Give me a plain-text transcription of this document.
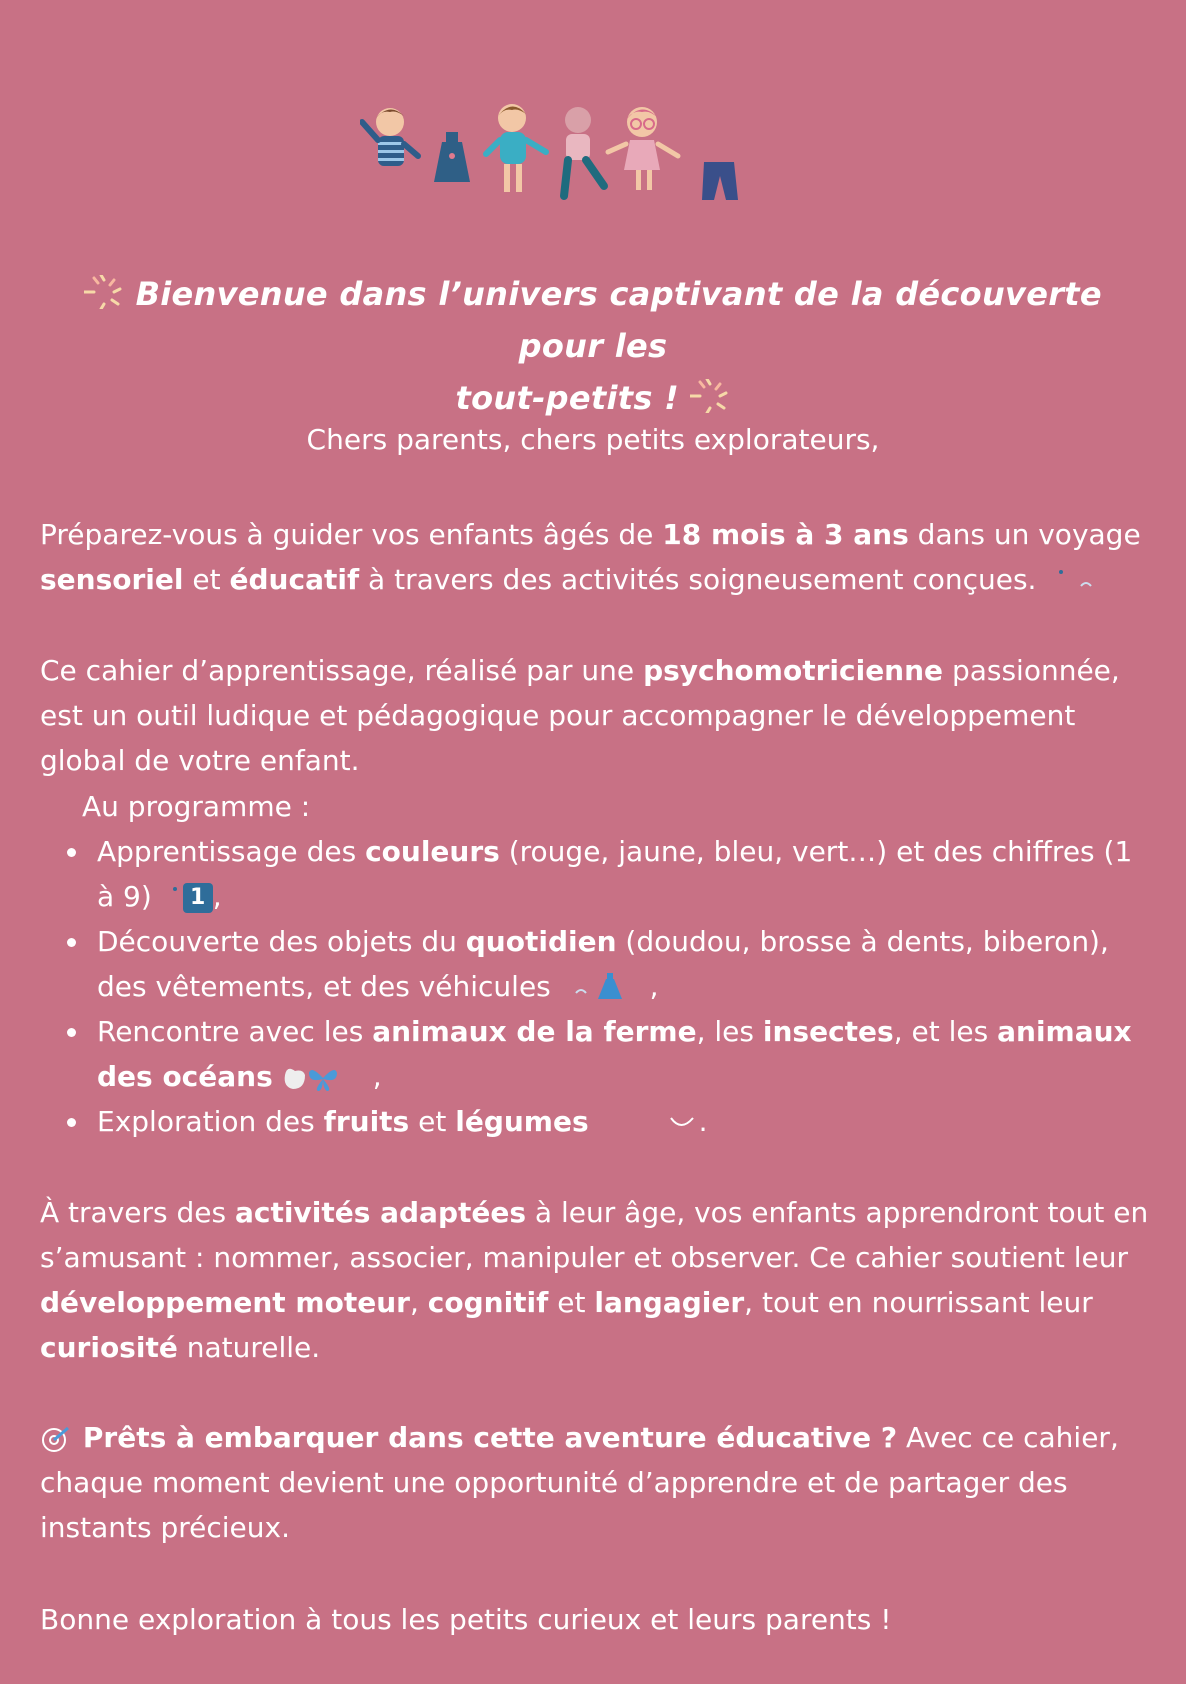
Bienvenue dans l’univers captivant de la découverte pour les
tout-petits !
Chers parents, chers petits explorateurs,
Préparez-vous à guider vos enfants âgés de 18 mois à 3 ans dans un voyage
sensoriel et éducatif à travers des activités soigneusement conçues.
Ce cahier d’apprentissage, réalisé par une psychomotricienne passionnée, est un outil ludique et pédagogique pour accompagner le développement global de votre enfant.
Au programme :
Apprentissage des couleurs (rouge, jaune, bleu, vert…) et des chiffres (1 à 9) 1 ,
Découverte des objets du quotidien (doudou, brosse à dents, biberon), des vêtements, et des véhicules	,
Rencontre avec les animaux de la ferme, les insectes, et les animaux des océans	,
Exploration des fruits et légumes	.
À travers des activités adaptées à leur âge, vos enfants apprendront tout en s’amusant : nommer, associer, manipuler et observer. Ce cahier soutient leur développement moteur, cognitif et langagier, tout en nourrissant leur
curiosité naturelle.
Prêts à embarquer dans cette aventure éducative ? Avec ce cahier, chaque moment devient une opportunité d’apprendre et de partager des instants précieux.
Bonne exploration à tous les petits curieux et leurs parents !
